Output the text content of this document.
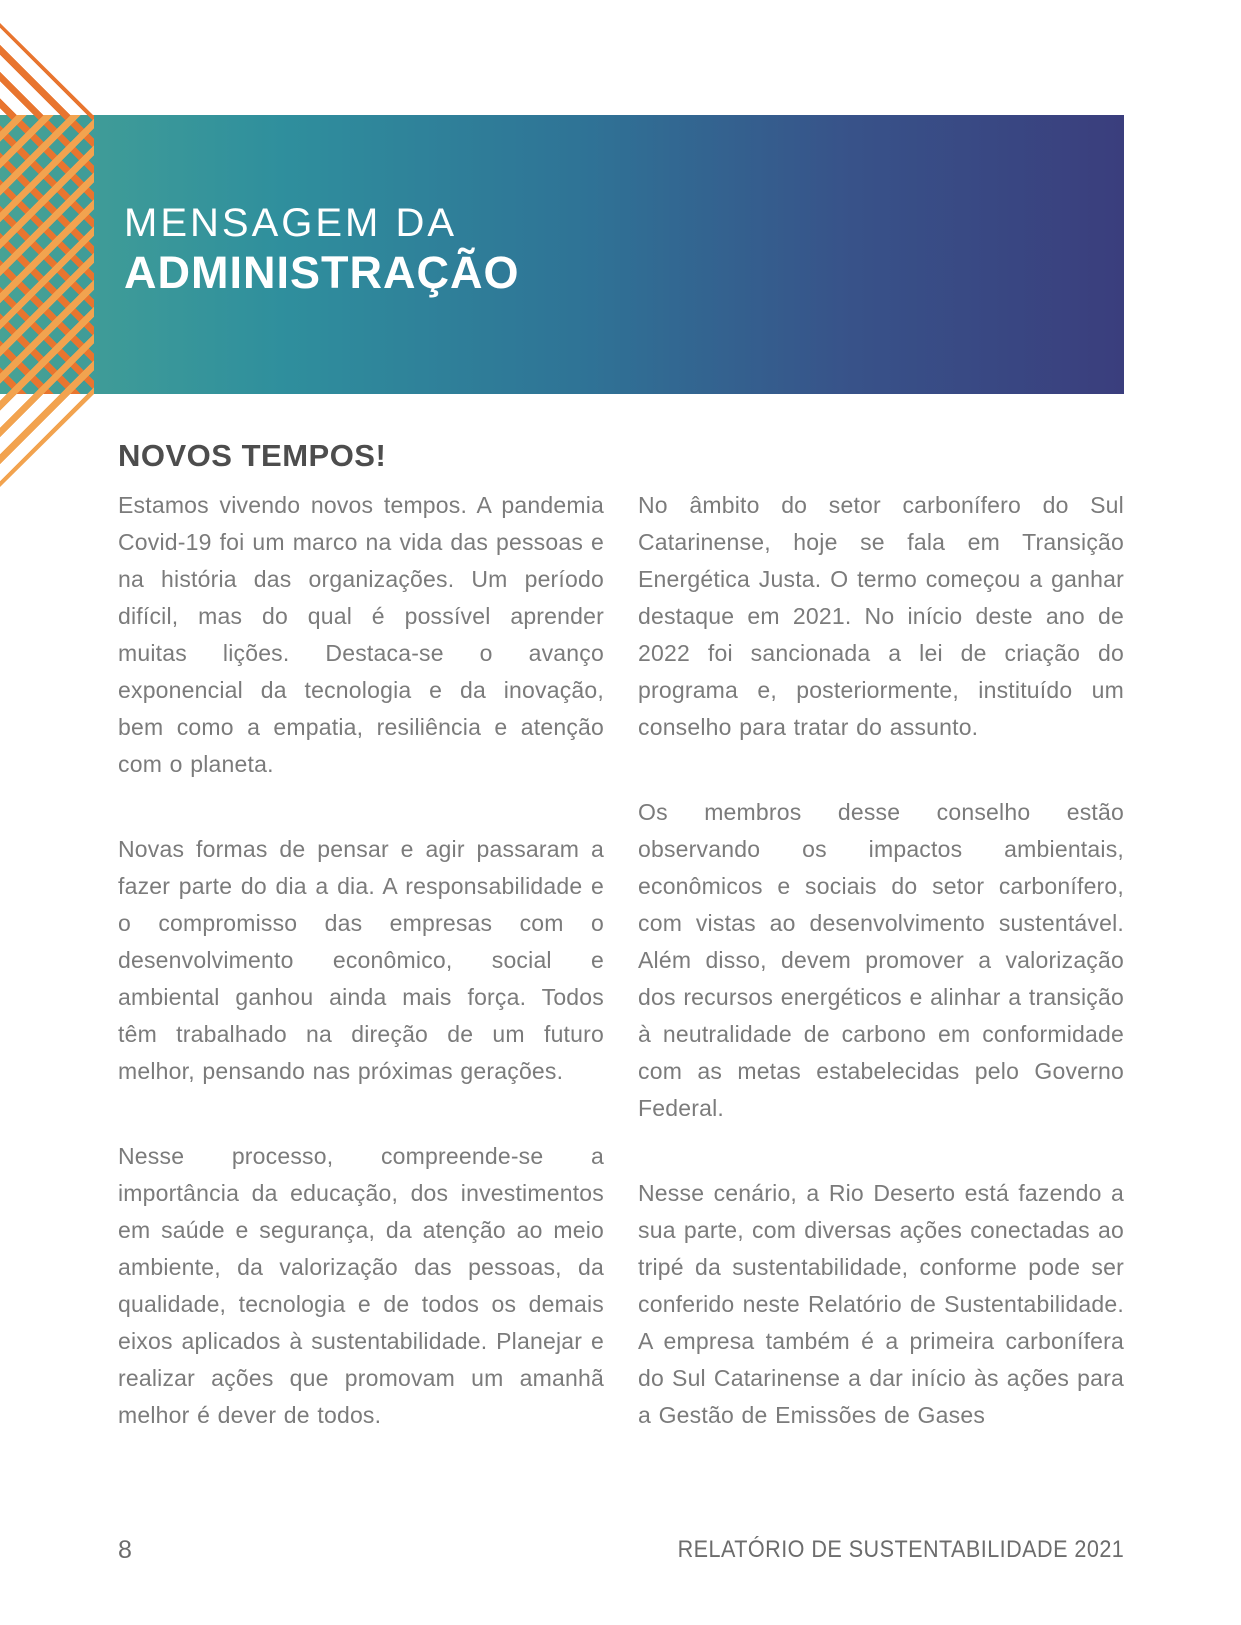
MENSAGEM DA
ADMINISTRAÇÃO
NOVOS TEMPOS!

Estamos vivendo novos tempos. A pandemia Covid-19 foi um marco na vida das pessoas e na história das organizações. Um período difícil, mas do qual é possível aprender muitas lições. Destaca-se o avanço exponencial da tecnologia e da inovação, bem como a empatia, resiliência e atenção com o planeta.

Novas formas de pensar e agir passaram a fazer parte do dia a dia. A responsabilidade e o compromisso das empresas com o desenvolvimento econômico, social e ambiental ganhou ainda mais força. Todos têm trabalhado na direção de um futuro melhor, pensando nas próximas gerações.

Nesse processo, compreende-se a importância da educação, dos investimentos em saúde e segurança, da atenção ao meio ambiente, da valorização das pessoas, da qualidade, tecnologia e de todos os demais eixos aplicados à sustentabilidade. Planejar e realizar ações que promovam um amanhã melhor é dever de todos.

No âmbito do setor carbonífero do Sul Catarinense, hoje se fala em Transição Energética Justa. O termo começou a ganhar destaque em 2021. No início deste ano de 2022 foi sancionada a lei de criação do programa e, posteriormente, instituído um conselho para tratar do assunto.

Os membros desse conselho estão observando os impactos ambientais, econômicos e sociais do setor carbonífero, com vistas ao desenvolvimento sustentável. Além disso, devem promover a valorização dos recursos energéticos e alinhar a transição à neutralidade de carbono em conformidade com as metas estabelecidas pelo Governo Federal.

Nesse cenário, a Rio Deserto está fazendo a sua parte, com diversas ações conectadas ao tripé da sustentabilidade, conforme pode ser conferido neste Relatório de Sustentabilidade. A empresa também é a primeira carbonífera do Sul Catarinense a dar início às ações para a Gestão de Emissões de Gases

8	RELATÓRIO DE SUSTENTABILIDADE 2021
